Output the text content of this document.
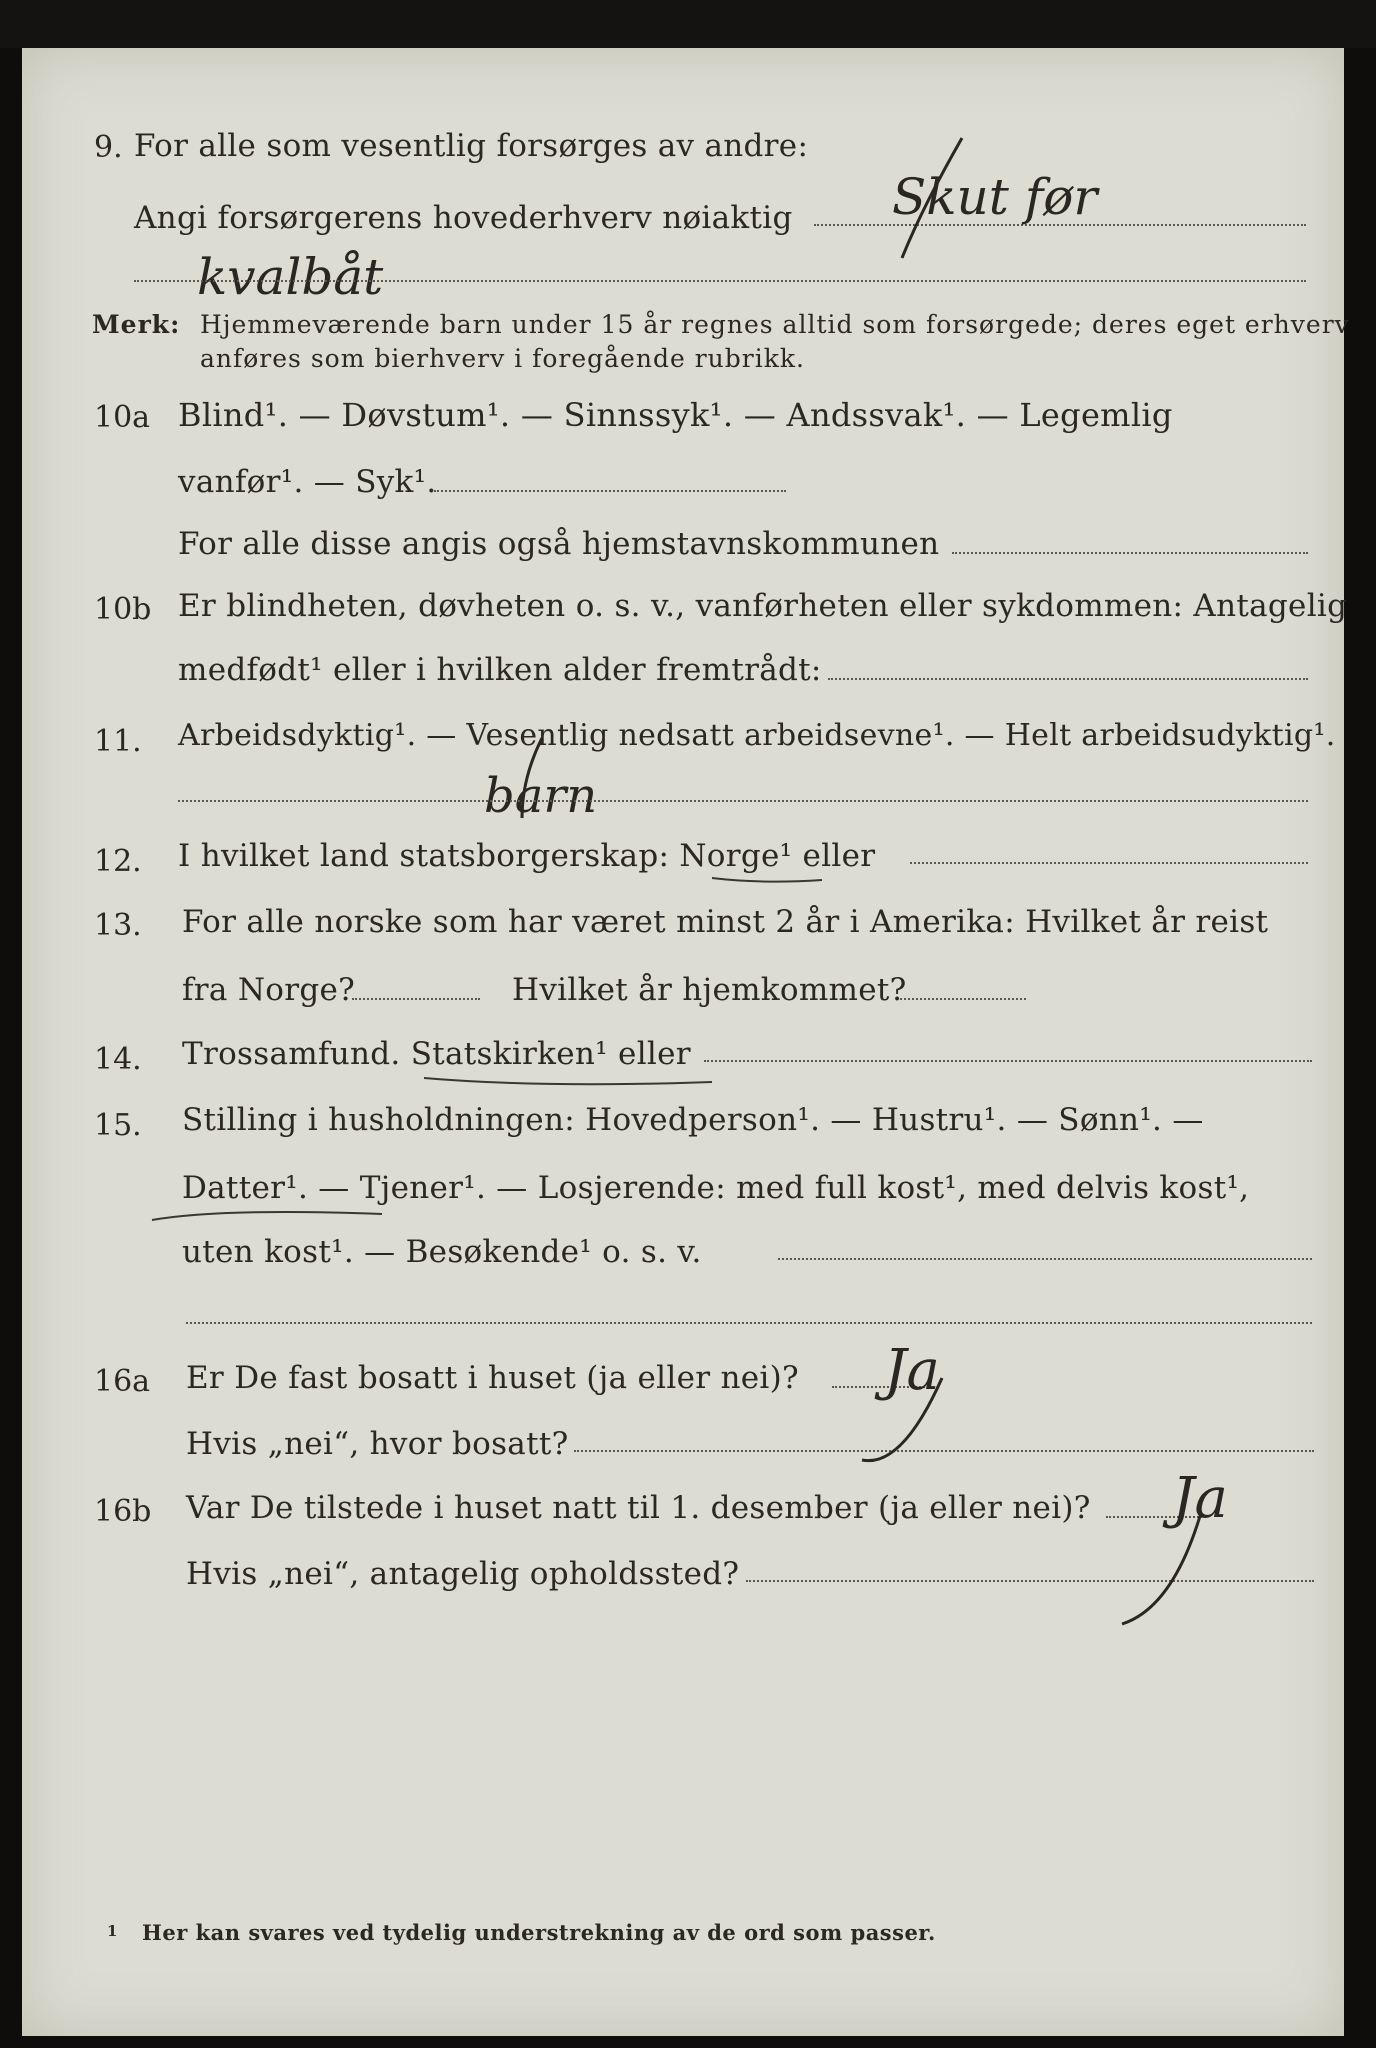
9. For alle som vesentlig forsørges av andre:
Angi forsørgerens hovederhverv nøiaktig Skut før
kvalbåt
Merk: Hjemmeværende barn under 15 år regnes alltid som forsørgede; deres eget erhverv
anføres som bierhverv i foregående rubrikk.
10a Blind¹. — Døvstum¹. — Sinnssyk¹. — Andssvak¹. — Legemlig
vanfør¹. — Syk¹.
For alle disse angis også hjemstavnskommunen
10b Er blindheten, døvheten o. s. v., vanførheten eller sykdommen: Antagelig
medfødt¹ eller i hvilken alder fremtrådt:
11. Arbeidsdyktig¹. — Vesentlig nedsatt arbeidsevne¹. — Helt arbeidsudyktig¹.
barn
12. I hvilket land statsborgerskap: Norge¹ eller
13. For alle norske som har været minst 2 år i Amerika: Hvilket år reist
fra Norge?	Hvilket år hjemkommet?
14. Trossamfund. Statskirken¹ eller
15. Stilling i husholdningen: Hovedperson¹. — Hustru¹. — Sønn¹. —
Datter¹. — Tjener¹. — Losjerende: med full kost¹, med delvis kost¹,
uten kost¹. — Besøkende¹ o. s. v.
16a Er De fast bosatt i huset (ja eller nei)? Ja
Hvis „nei“, hvor bosatt?
16b Var De tilstede i huset natt til 1. desember (ja eller nei)? Ja
Hvis „nei“, antagelig opholdssted?
1 Her kan svares ved tydelig understrekning av de ord som passer.
